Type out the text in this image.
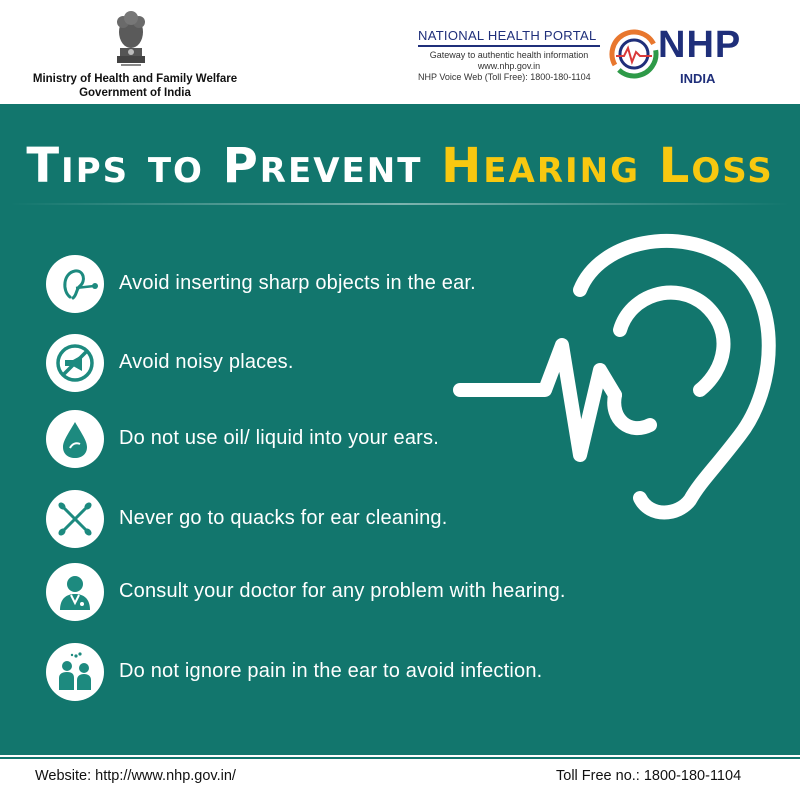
Ministry of Health and Family Welfare
Government of India
NATIONAL HEALTH PORTAL
Gateway to authentic health information
www.nhp.gov.in
NHP Voice Web (Toll Free): 1800-180-1104
NHP
INDIA
Tips to Prevent Hearing Loss
Avoid inserting sharp objects in the ear.
Avoid noisy places.
Do not use oil/ liquid into your ears.
Never go to quacks for ear cleaning.
Consult your doctor for any problem with hearing.
Do not ignore pain in the ear to avoid infection.
Website: http://www.nhp.gov.in/	Toll Free no.: 1800-180-1104
